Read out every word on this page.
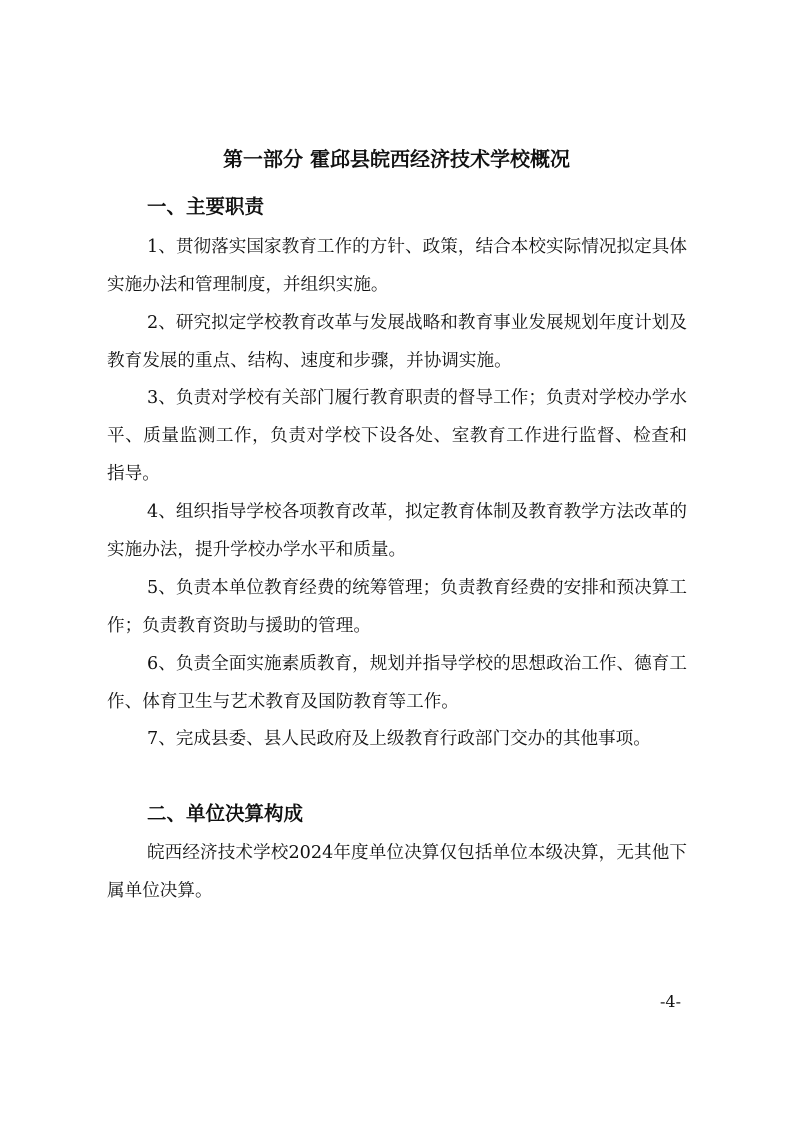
第一部分 霍邱县皖西经济技术学校概况
一、主要职责

1、贯彻落实国家教育工作的方针、政策，结合本校实际情况拟定具体实施办法和管理制度，并组织实施。

2、研究拟定学校教育改革与发展战略和教育事业发展规划年度计划及教育发展的重点、结构、速度和步骤，并协调实施。

3、负责对学校有关部门履行教育职责的督导工作；负责对学校办学水平、质量监测工作，负责对学校下设各处、室教育工作进行监督、检查和指导。

4、组织指导学校各项教育改革，拟定教育体制及教育教学方法改革的实施办法，提升学校办学水平和质量。

5、负责本单位教育经费的统筹管理；负责教育经费的安排和预决算工作；负责教育资助与援助的管理。

6、负责全面实施素质教育，规划并指导学校的思想政治工作、德育工作、体育卫生与艺术教育及国防教育等工作。

7、完成县委、县人民政府及上级教育行政部门交办的其他事项。

二、单位决算构成

皖西经济技术学校2024年度单位决算仅包括单位本级决算，无其他下属单位决算。

-4-
